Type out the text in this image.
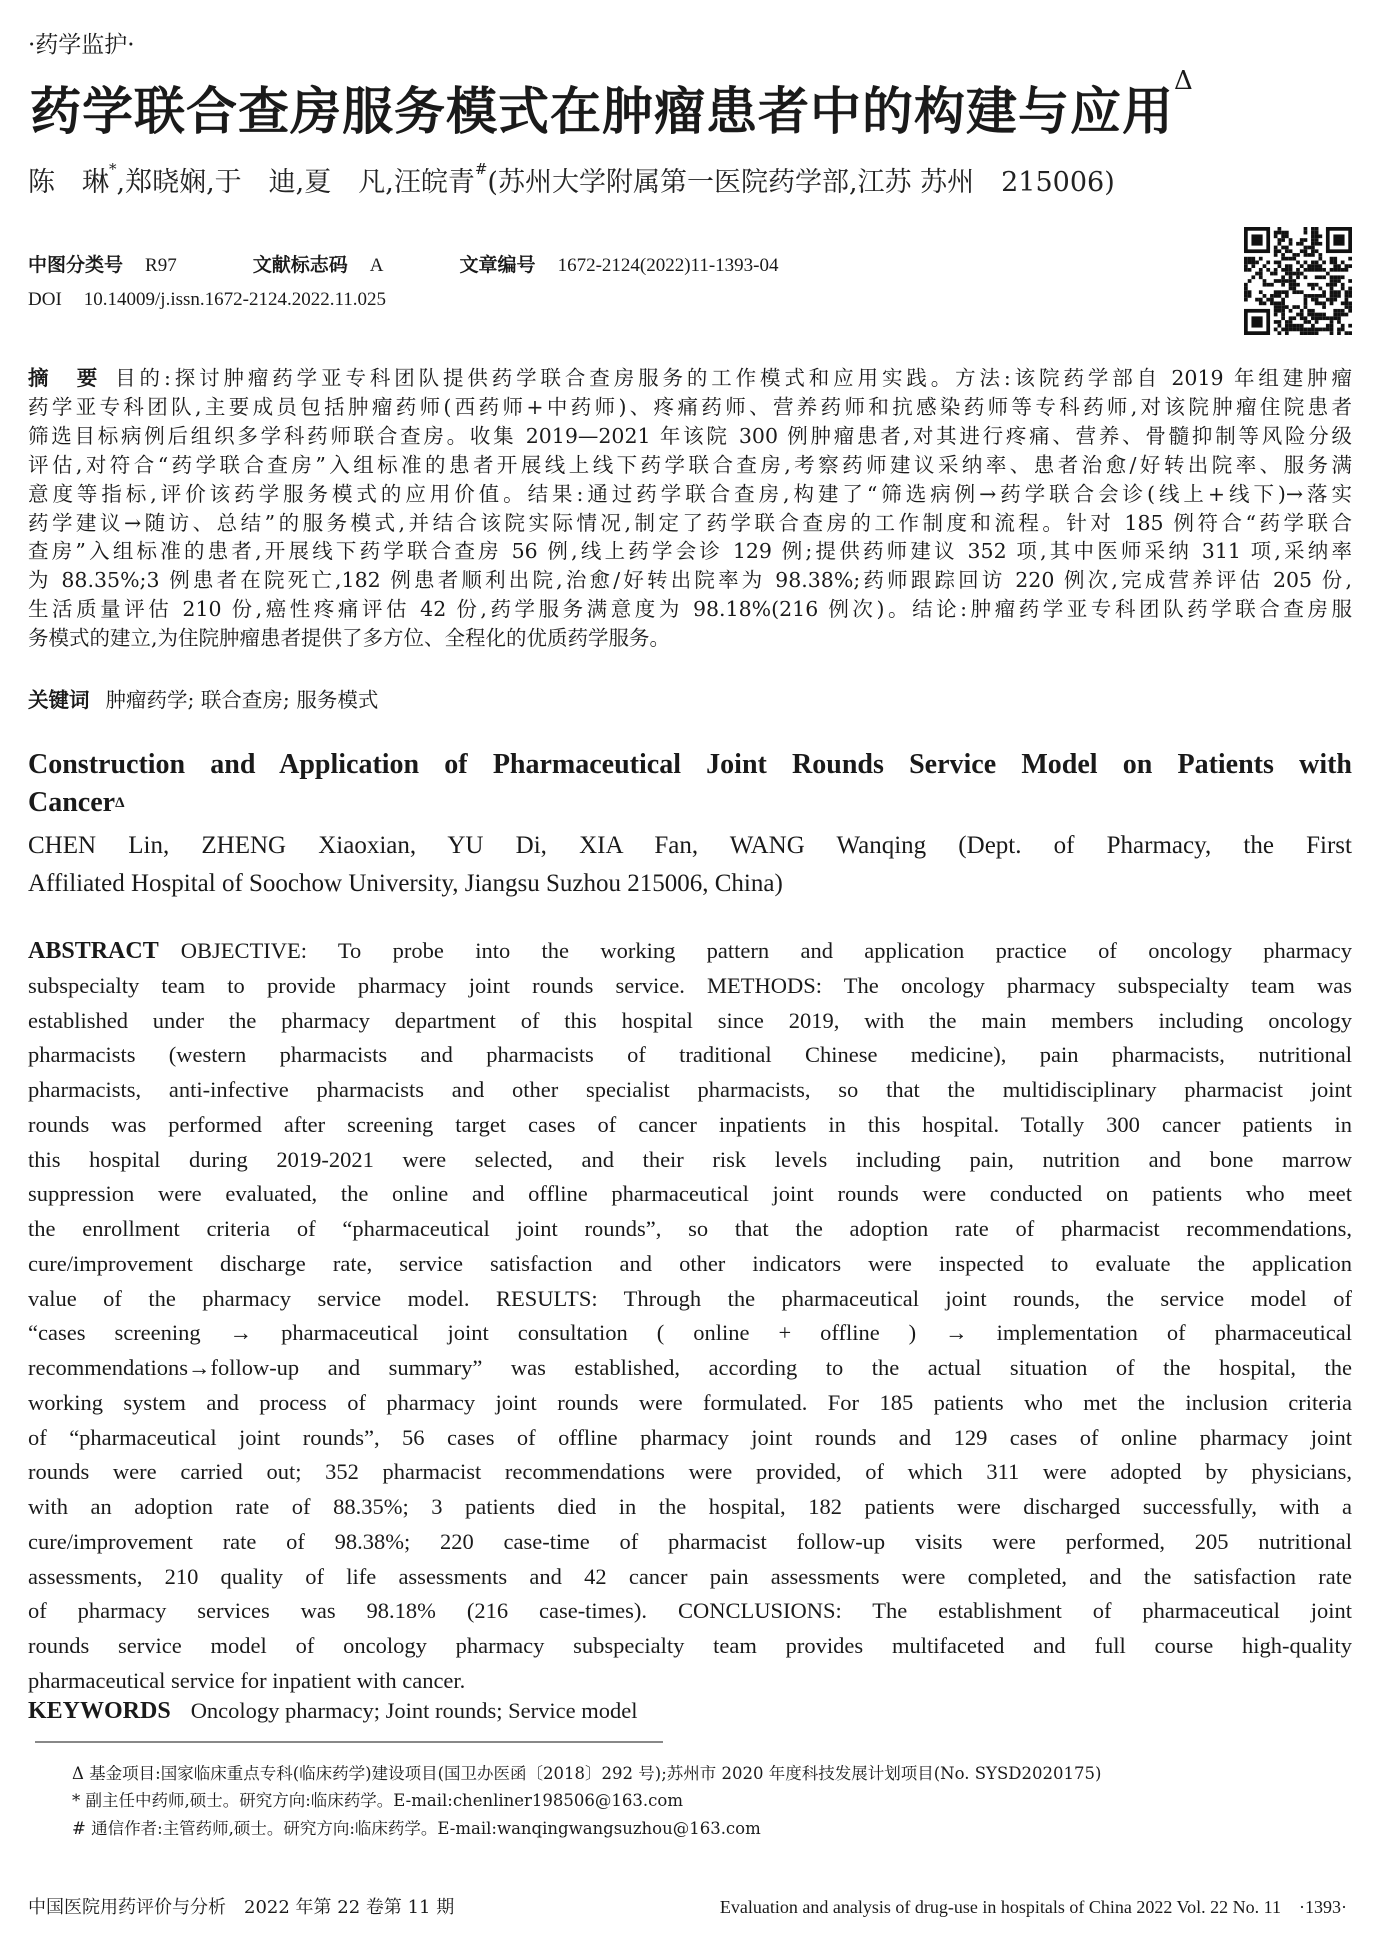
·药学监护·
药学联合查房服务模式在肿瘤患者中的构建与应用$^\Delta$
陈　琳*,郑晓娴,于　迪,夏　凡,汪皖青#(苏州大学附属第一医院药学部,江苏 苏州　215006)
中图分类号 R97	文献标志码 A	文章编号 1672-2124(2022)11-1393-04
DOI 10.14009/j.issn.1672-2124.2022.11.025
摘　要 目的:探讨肿瘤药学亚专科团队提供药学联合查房服务的工作模式和应用实践。方法:该院药学部自 2019 年组建肿瘤
药学亚专科团队,主要成员包括肿瘤药师(西药师+中药师)、疼痛药师、营养药师和抗感染药师等专科药师,对该院肿瘤住院患者
筛选目标病例后组织多学科药师联合查房。收集 2019—2021 年该院 300 例肿瘤患者,对其进行疼痛、营养、骨髓抑制等风险分级
评估,对符合“药学联合查房”入组标准的患者开展线上线下药学联合查房,考察药师建议采纳率、患者治愈/好转出院率、服务满
意度等指标,评价该药学服务模式的应用价值。结果:通过药学联合查房,构建了“筛选病例→药学联合会诊(线上+线下)→落实
药学建议→随访、总结”的服务模式,并结合该院实际情况,制定了药学联合查房的工作制度和流程。针对 185 例符合“药学联合
查房”入组标准的患者,开展线下药学联合查房 56 例,线上药学会诊 129 例;提供药师建议 352 项,其中医师采纳 311 项,采纳率
为 88.35%;3 例患者在院死亡,182 例患者顺利出院,治愈/好转出院率为 98.38%;药师跟踪回访 220 例次,完成营养评估 205 份,
生活质量评估 210 份,癌性疼痛评估 42 份,药学服务满意度为 98.18%(216 例次)。结论:肿瘤药学亚专科团队药学联合查房服
务模式的建立,为住院肿瘤患者提供了多方位、全程化的优质药学服务。
关键词 肿瘤药学; 联合查房; 服务模式
Construction and Application of Pharmaceutical Joint Rounds Service Model on Patients with
Cancer$^\Delta$
CHEN Lin, ZHENG Xiaoxian, YU Di, XIA Fan, WANG Wanqing (Dept. of Pharmacy, the First
Affiliated Hospital of Soochow University, Jiangsu Suzhou 215006, China)
ABSTRACT OBJECTIVE: To probe into the working pattern and application practice of oncology pharmacy
subspecialty team to provide pharmacy joint rounds service. METHODS: The oncology pharmacy subspecialty team was
established under the pharmacy department of this hospital since 2019, with the main members including oncology
pharmacists (western pharmacists and pharmacists of traditional Chinese medicine), pain pharmacists, nutritional
pharmacists, anti-infective pharmacists and other specialist pharmacists, so that the multidisciplinary pharmacist joint
rounds was performed after screening target cases of cancer inpatients in this hospital. Totally 300 cancer patients in
this hospital during 2019-2021 were selected, and their risk levels including pain, nutrition and bone marrow
suppression were evaluated, the online and offline pharmaceutical joint rounds were conducted on patients who meet
the enrollment criteria of “pharmaceutical joint rounds”, so that the adoption rate of pharmacist recommendations,
cure/improvement discharge rate, service satisfaction and other indicators were inspected to evaluate the application
value of the pharmacy service model. RESULTS: Through the pharmaceutical joint rounds, the service model of
“cases screening → pharmaceutical joint consultation ( online + offline ) → implementation of pharmaceutical
recommendations→follow-up and summary” was established, according to the actual situation of the hospital, the
working system and process of pharmacy joint rounds were formulated. For 185 patients who met the inclusion criteria
of “pharmaceutical joint rounds”, 56 cases of offline pharmacy joint rounds and 129 cases of online pharmacy joint
rounds were carried out; 352 pharmacist recommendations were provided, of which 311 were adopted by physicians,
with an adoption rate of 88.35%; 3 patients died in the hospital, 182 patients were discharged successfully, with a
cure/improvement rate of 98.38%; 220 case-time of pharmacist follow-up visits were performed, 205 nutritional
assessments, 210 quality of life assessments and 42 cancer pain assessments were completed, and the satisfaction rate
of pharmacy services was 98.18% (216 case-times). CONCLUSIONS: The establishment of pharmaceutical joint
rounds service model of oncology pharmacy subspecialty team provides multifaceted and full course high-quality
pharmaceutical service for inpatient with cancer.
KEYWORDS Oncology pharmacy; Joint rounds; Service model
Δ 基金项目:国家临床重点专科(临床药学)建设项目(国卫办医函〔2018〕292 号);苏州市 2020 年度科技发展计划项目(No. SYSD2020175)
* 副主任中药师,硕士。研究方向:临床药学。E-mail:chenliner198506@163.com
# 通信作者:主管药师,硕士。研究方向:临床药学。E-mail:wanqingwangsuzhou@163.com
中国医院用药评价与分析　2022 年第 22 卷第 11 期	Evaluation and analysis of drug-use in hospitals of China 2022 Vol. 22 No. 11　·1393·
